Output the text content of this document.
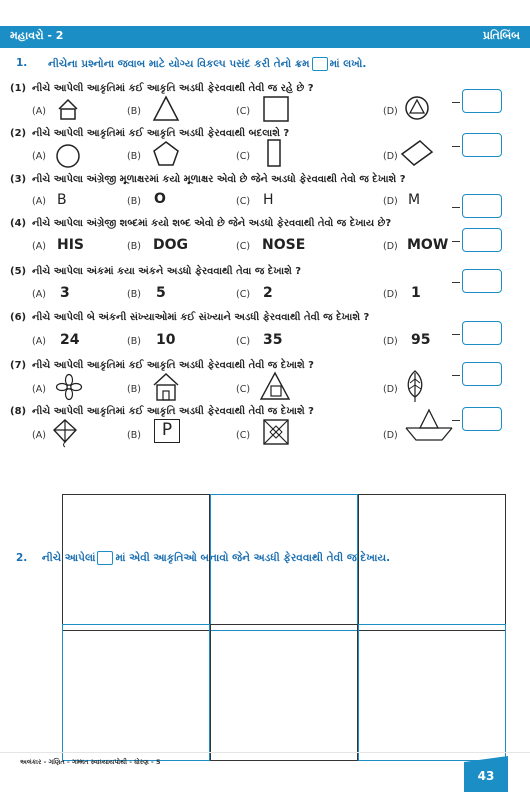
મહાવરો - 2	પ્રતિબિંબ
1. નીચેના પ્રશ્નોના જવાબ માટે યોગ્ય વિકલ્પ પસંદ કરી તેનો ક્રમ માં લખો.
(1) નીચે આપેલી આકૃતિમાં કઈ આકૃતિ અડધી ફેરવવાથી તેવી જ રહે છે ?
(A)	(B)	(C)	(D)
(2) નીચે આપેલી આકૃતિમાં કઈ આકૃતિ અડધી ફેરવવાથી બદલાશે ?
(A)	(B)	(C)	(D)
(3) નીચે આપેલા અંગ્રેજી મૂળાક્ષરમાં કયો મૂળાક્ષર એવો છે જેને અડધો ફેરવવાથી તેવો જ દેખાશે ?
(A) B	(B) O	(C) H	(D) M
(4) નીચે આપેલા અંગ્રેજી શબ્દમાં કયો શબ્દ એવો છે જેને અડધો ફેરવવાથી તેવો જ દેખાય છે?
(A) HIS	(B) DOG	(C) NOSE	(D) MOW
(5) નીચે આપેલા અંકમાં કયા અંકને અડધો ફેરવવાથી તેવા જ દેખાશે ?
(A) 3	(B) 5	(C) 2	(D) 1
(6) નીચે આપેલી બે અંકની સંખ્યાઓમાં કઈ સંખ્યાને અડધી ફેરવવાથી તેવી જ દેખાશે ?
(A) 24	(B) 10	(C) 35	(D) 95
(7) નીચે આપેલી આકૃતિમાં કઈ આકૃતિ અડધી ફેરવવાથી તેવી જ દેખાશે ?
(A)	(B)	(C)	(D)
(8) નીચે આપેલી આકૃતિમાં કઈ આકૃતિ અડધી ફેરવવાથી તેવી જ દેખાશે ?
(A)	(B)	P	(C)	(D)
2. નીચે આપેલાં માં એવી આકૃતિઓ બનાવો જેને અડધી ફેરવવાથી તેવી જ દેખાય.
અલંકાર - ગણિત - ગમ્મત સ્વાધ્યાયપોથી - ધોરણ - 5
43
